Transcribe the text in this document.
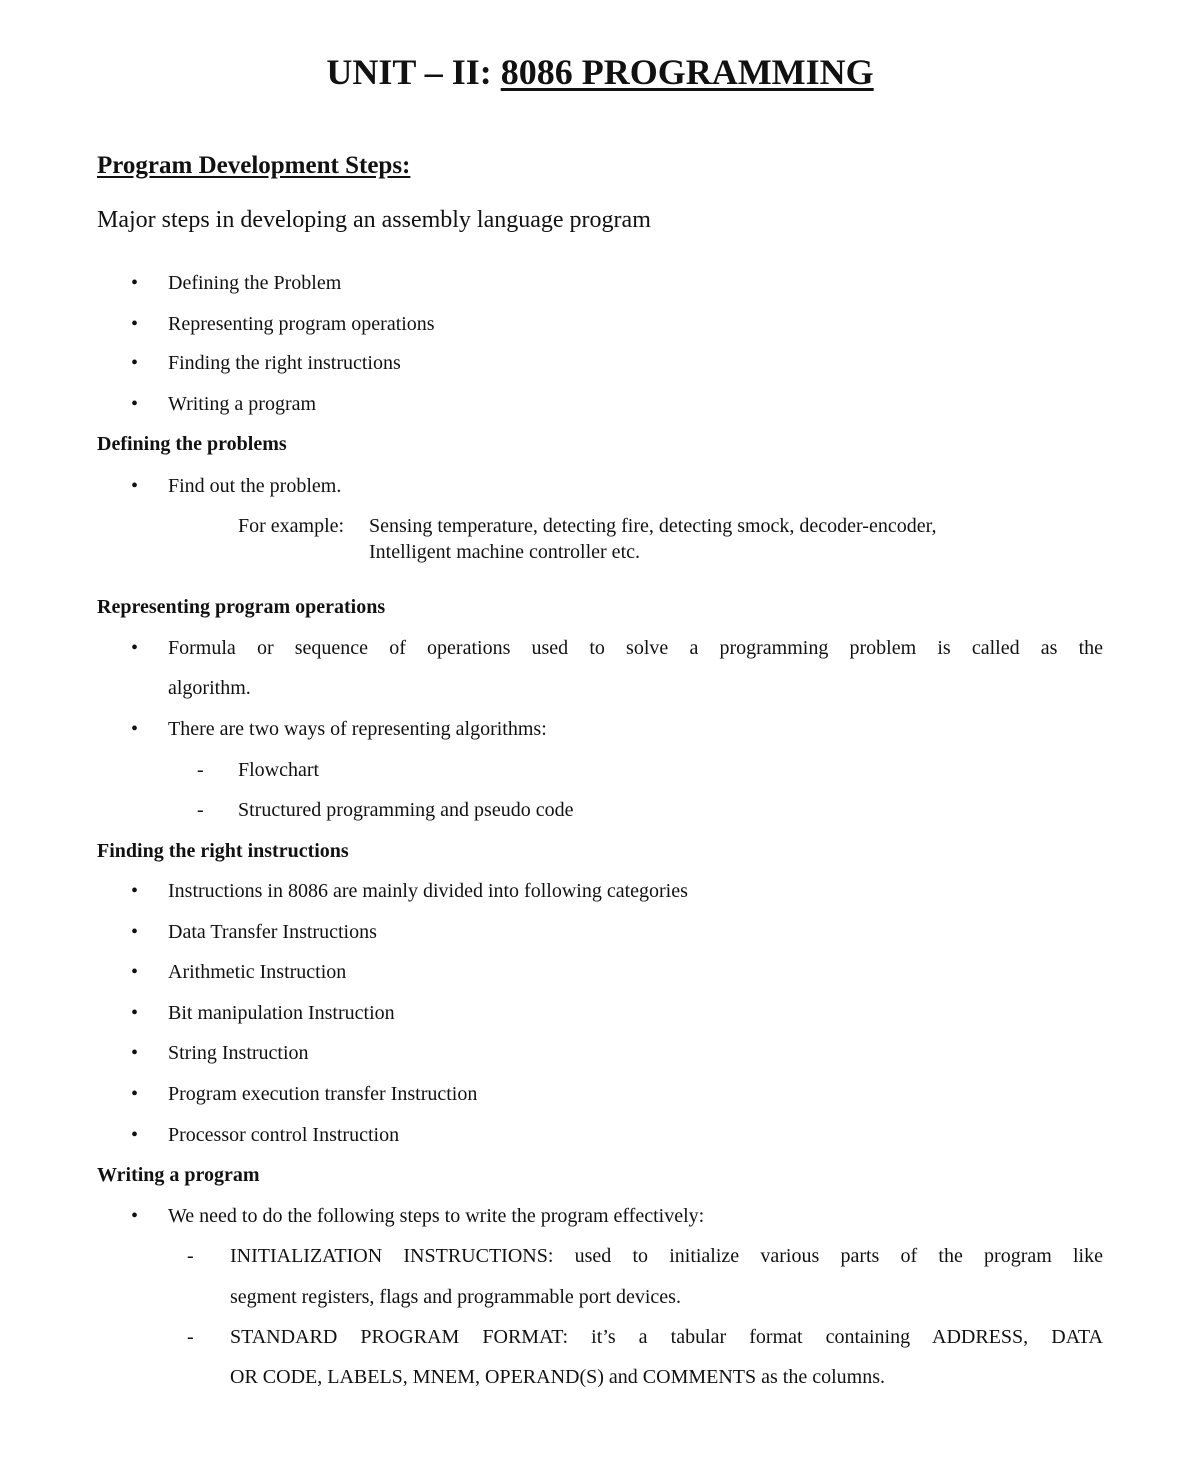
UNIT – II: 8086 PROGRAMMING
Program Development Steps:
Major steps in developing an assembly language program
• Defining the Problem
• Representing program operations
• Finding the right instructions
• Writing a program
Defining the problems
• Find out the problem.
For example: Sensing temperature, detecting fire, detecting smock, decoder-encoder,
Intelligent machine controller etc.
Representing program operations
• Formula or sequence of operations used to solve a programming problem is called as the
algorithm.
• There are two ways of representing algorithms:
- Flowchart
- Structured programming and pseudo code
Finding the right instructions
• Instructions in 8086 are mainly divided into following categories
• Data Transfer Instructions
• Arithmetic Instruction
• Bit manipulation Instruction
• String Instruction
• Program execution transfer Instruction
• Processor control Instruction
Writing a program
• We need to do the following steps to write the program effectively:
- INITIALIZATION INSTRUCTIONS: used to initialize various parts of the program like
segment registers, flags and programmable port devices.
- STANDARD PROGRAM FORMAT: it’s a tabular format containing ADDRESS, DATA
OR CODE, LABELS, MNEM, OPERAND(S) and COMMENTS as the columns.
